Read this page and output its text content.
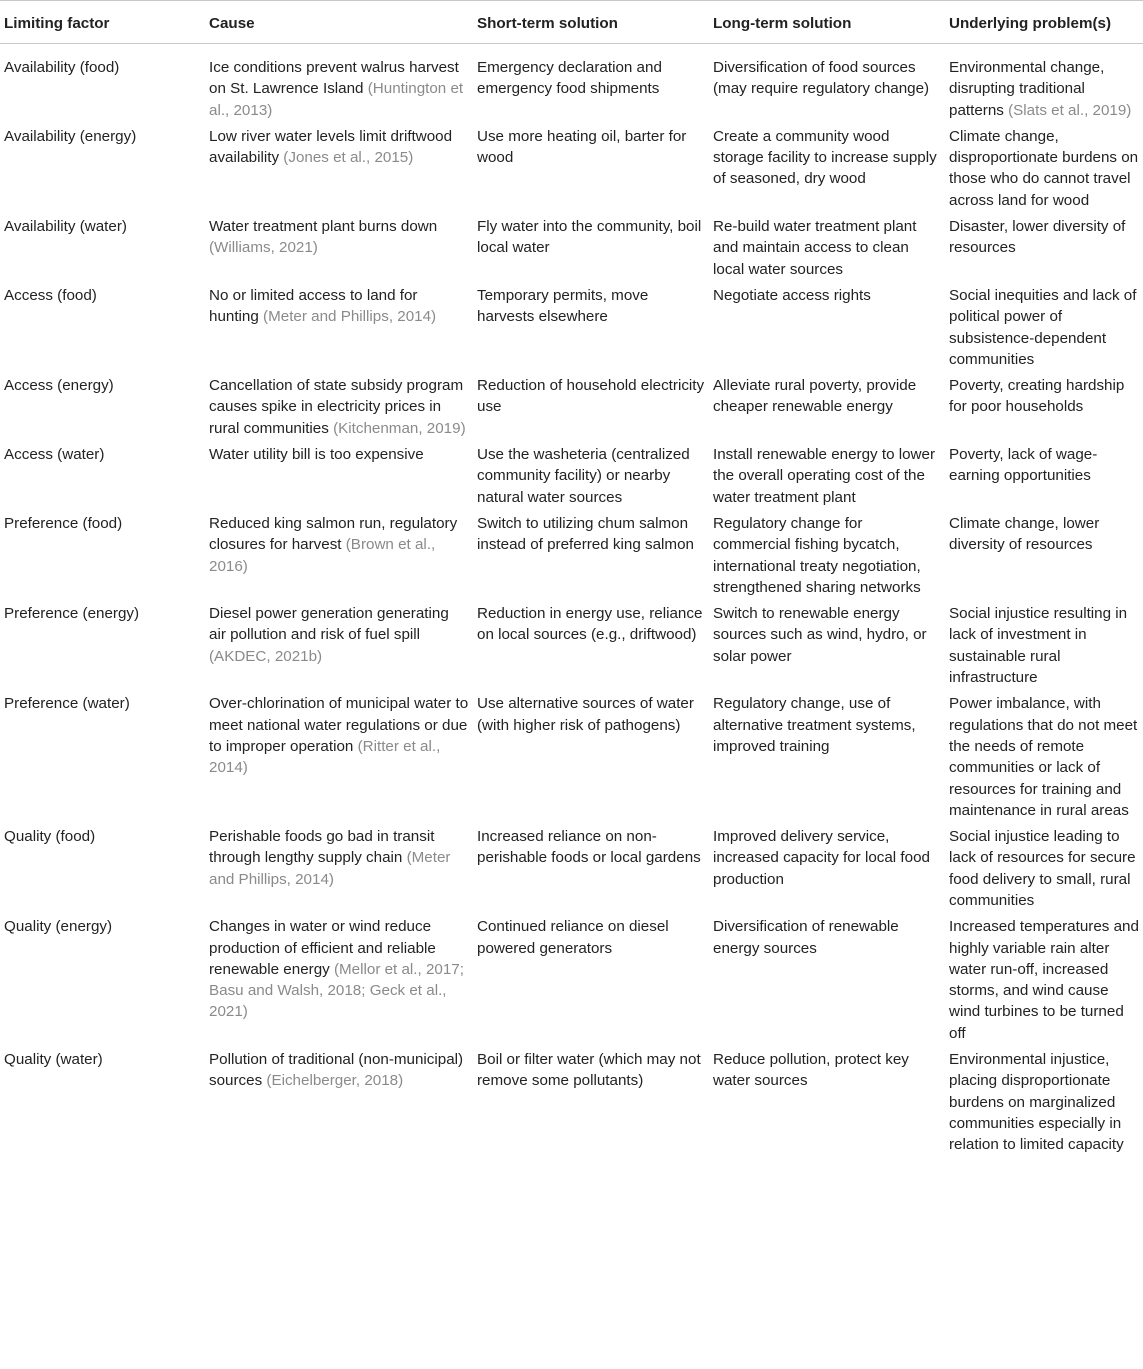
Limiting factor	Cause	Short-term solution	Long-term solution	Underlying problem(s)
Availability (food)	Ice conditions prevent walrus harvest on St. Lawrence Island (Huntington et al., 2013)	Emergency declaration and emergency food shipments	Diversification of food sources (may require regulatory change)	Environmental change, disrupting traditional patterns (Slats et al., 2019)
Availability (energy)	Low river water levels limit driftwood availability (Jones et al., 2015)	Use more heating oil, barter for wood	Create a community wood storage facility to increase supply of seasoned, dry wood	Climate change, disproportionate burdens on those who do cannot travel across land for wood
Availability (water)	Water treatment plant burns down (Williams, 2021)	Fly water into the community, boil local water	Re-build water treatment plant and maintain access to clean local water sources	Disaster, lower diversity of resources
Access (food)	No or limited access to land for hunting (Meter and Phillips, 2014)	Temporary permits, move harvests elsewhere	Negotiate access rights	Social inequities and lack of political power of subsistence-dependent communities
Access (energy)	Cancellation of state subsidy program causes spike in electricity prices in rural communities (Kitchenman, 2019)	Reduction of household electricity use	Alleviate rural poverty, provide cheaper renewable energy	Poverty, creating hardship for poor households
Access (water)	Water utility bill is too expensive	Use the washeteria (centralized community facility) or nearby natural water sources	Install renewable energy to lower the overall operating cost of the water treatment plant	Poverty, lack of wage-earning opportunities
Preference (food)	Reduced king salmon run, regulatory closures for harvest (Brown et al., 2016)	Switch to utilizing chum salmon instead of preferred king salmon	Regulatory change for commercial fishing bycatch, international treaty negotiation, strengthened sharing networks	Climate change, lower diversity of resources
Preference (energy)	Diesel power generation generating air pollution and risk of fuel spill (AKDEC, 2021b)	Reduction in energy use, reliance on local sources (e.g., driftwood)	Switch to renewable energy sources such as wind, hydro, or solar power	Social injustice resulting in lack of investment in sustainable rural infrastructure
Preference (water)	Over-chlorination of municipal water to meet national water regulations or due to improper operation (Ritter et al., 2014)	Use alternative sources of water (with higher risk of pathogens)	Regulatory change, use of alternative treatment systems, improved training	Power imbalance, with regulations that do not meet the needs of remote communities or lack of resources for training and maintenance in rural areas
Quality (food)	Perishable foods go bad in transit through lengthy supply chain (Meter and Phillips, 2014)	Increased reliance on non-perishable foods or local gardens	Improved delivery service, increased capacity for local food production	Social injustice leading to lack of resources for secure food delivery to small, rural communities
Quality (energy)	Changes in water or wind reduce production of efficient and reliable renewable energy (Mellor et al., 2017; Basu and Walsh, 2018; Geck et al., 2021)	Continued reliance on diesel powered generators	Diversification of renewable energy sources	Increased temperatures and highly variable rain alter water run-off, increased storms, and wind cause wind turbines to be turned off
Quality (water)	Pollution of traditional (non-municipal) sources (Eichelberger, 2018)	Boil or filter water (which may not remove some pollutants)	Reduce pollution, protect key water sources	Environmental injustice, placing disproportionate burdens on marginalized communities especially in relation to limited capacity
